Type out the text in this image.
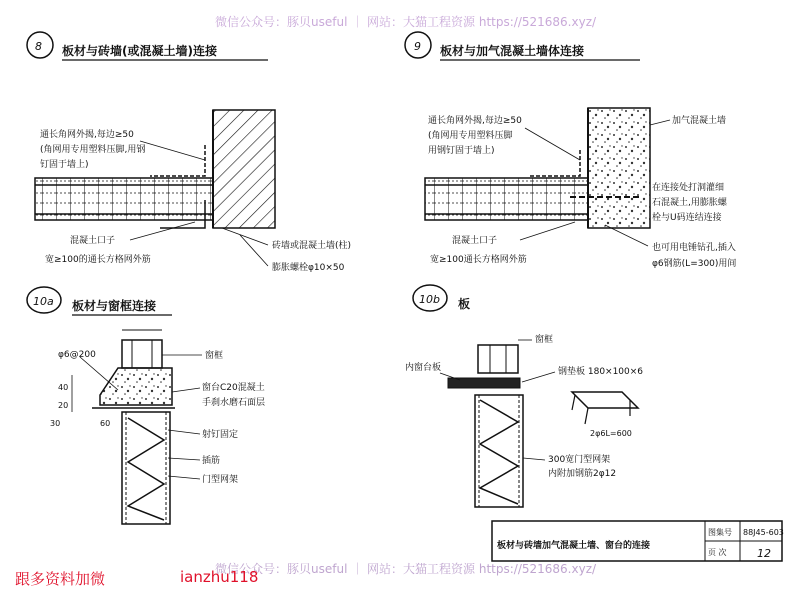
微信公众号：豚贝useful ｜ 网站：大猫工程资源 https://521686.xyz/
8 板材与砖墙(或混凝土墙)连接
通长角网外揭,每边≥50
(角网用专用塑料压脚,用钢
钉固于墙上)
砖墙或混凝土墙(柱)
膨胀螺栓φ10×50
混凝土口子
宽≥100的通长方格网外筋
9 板材与加气混凝土墙体连接
通长角网外揭,每边≥50
(角网用专用塑料压脚
用钢钉固于墙上)
加气混凝土墙
在连接处打洞灌细
石混凝土,用膨胀螺
栓与U码连结连接
混凝土口子
宽≥100通长方格网外筋
也可用电锤钻孔,插入
φ6钢筋(L=300)用间
10a 板材与窗框连接
φ6@200
40
20
30	60
窗框
窗台C20混凝土
手刹水磨石面层
射钉固定
插筋
门型网架
10b 板
窗框
内窗台板	钢垫板 180×100×6
2φ6L=600
300宽门型网架
内附加钢筋2φ12
板材与砖墙加气混凝土墙、窗台的连接
图集号 88J45-603
页 次	12
微信公众号：豚贝useful ｜ 网站：大猫工程资源 https://521686.xyz/
跟多资料加微	ianzhu118
